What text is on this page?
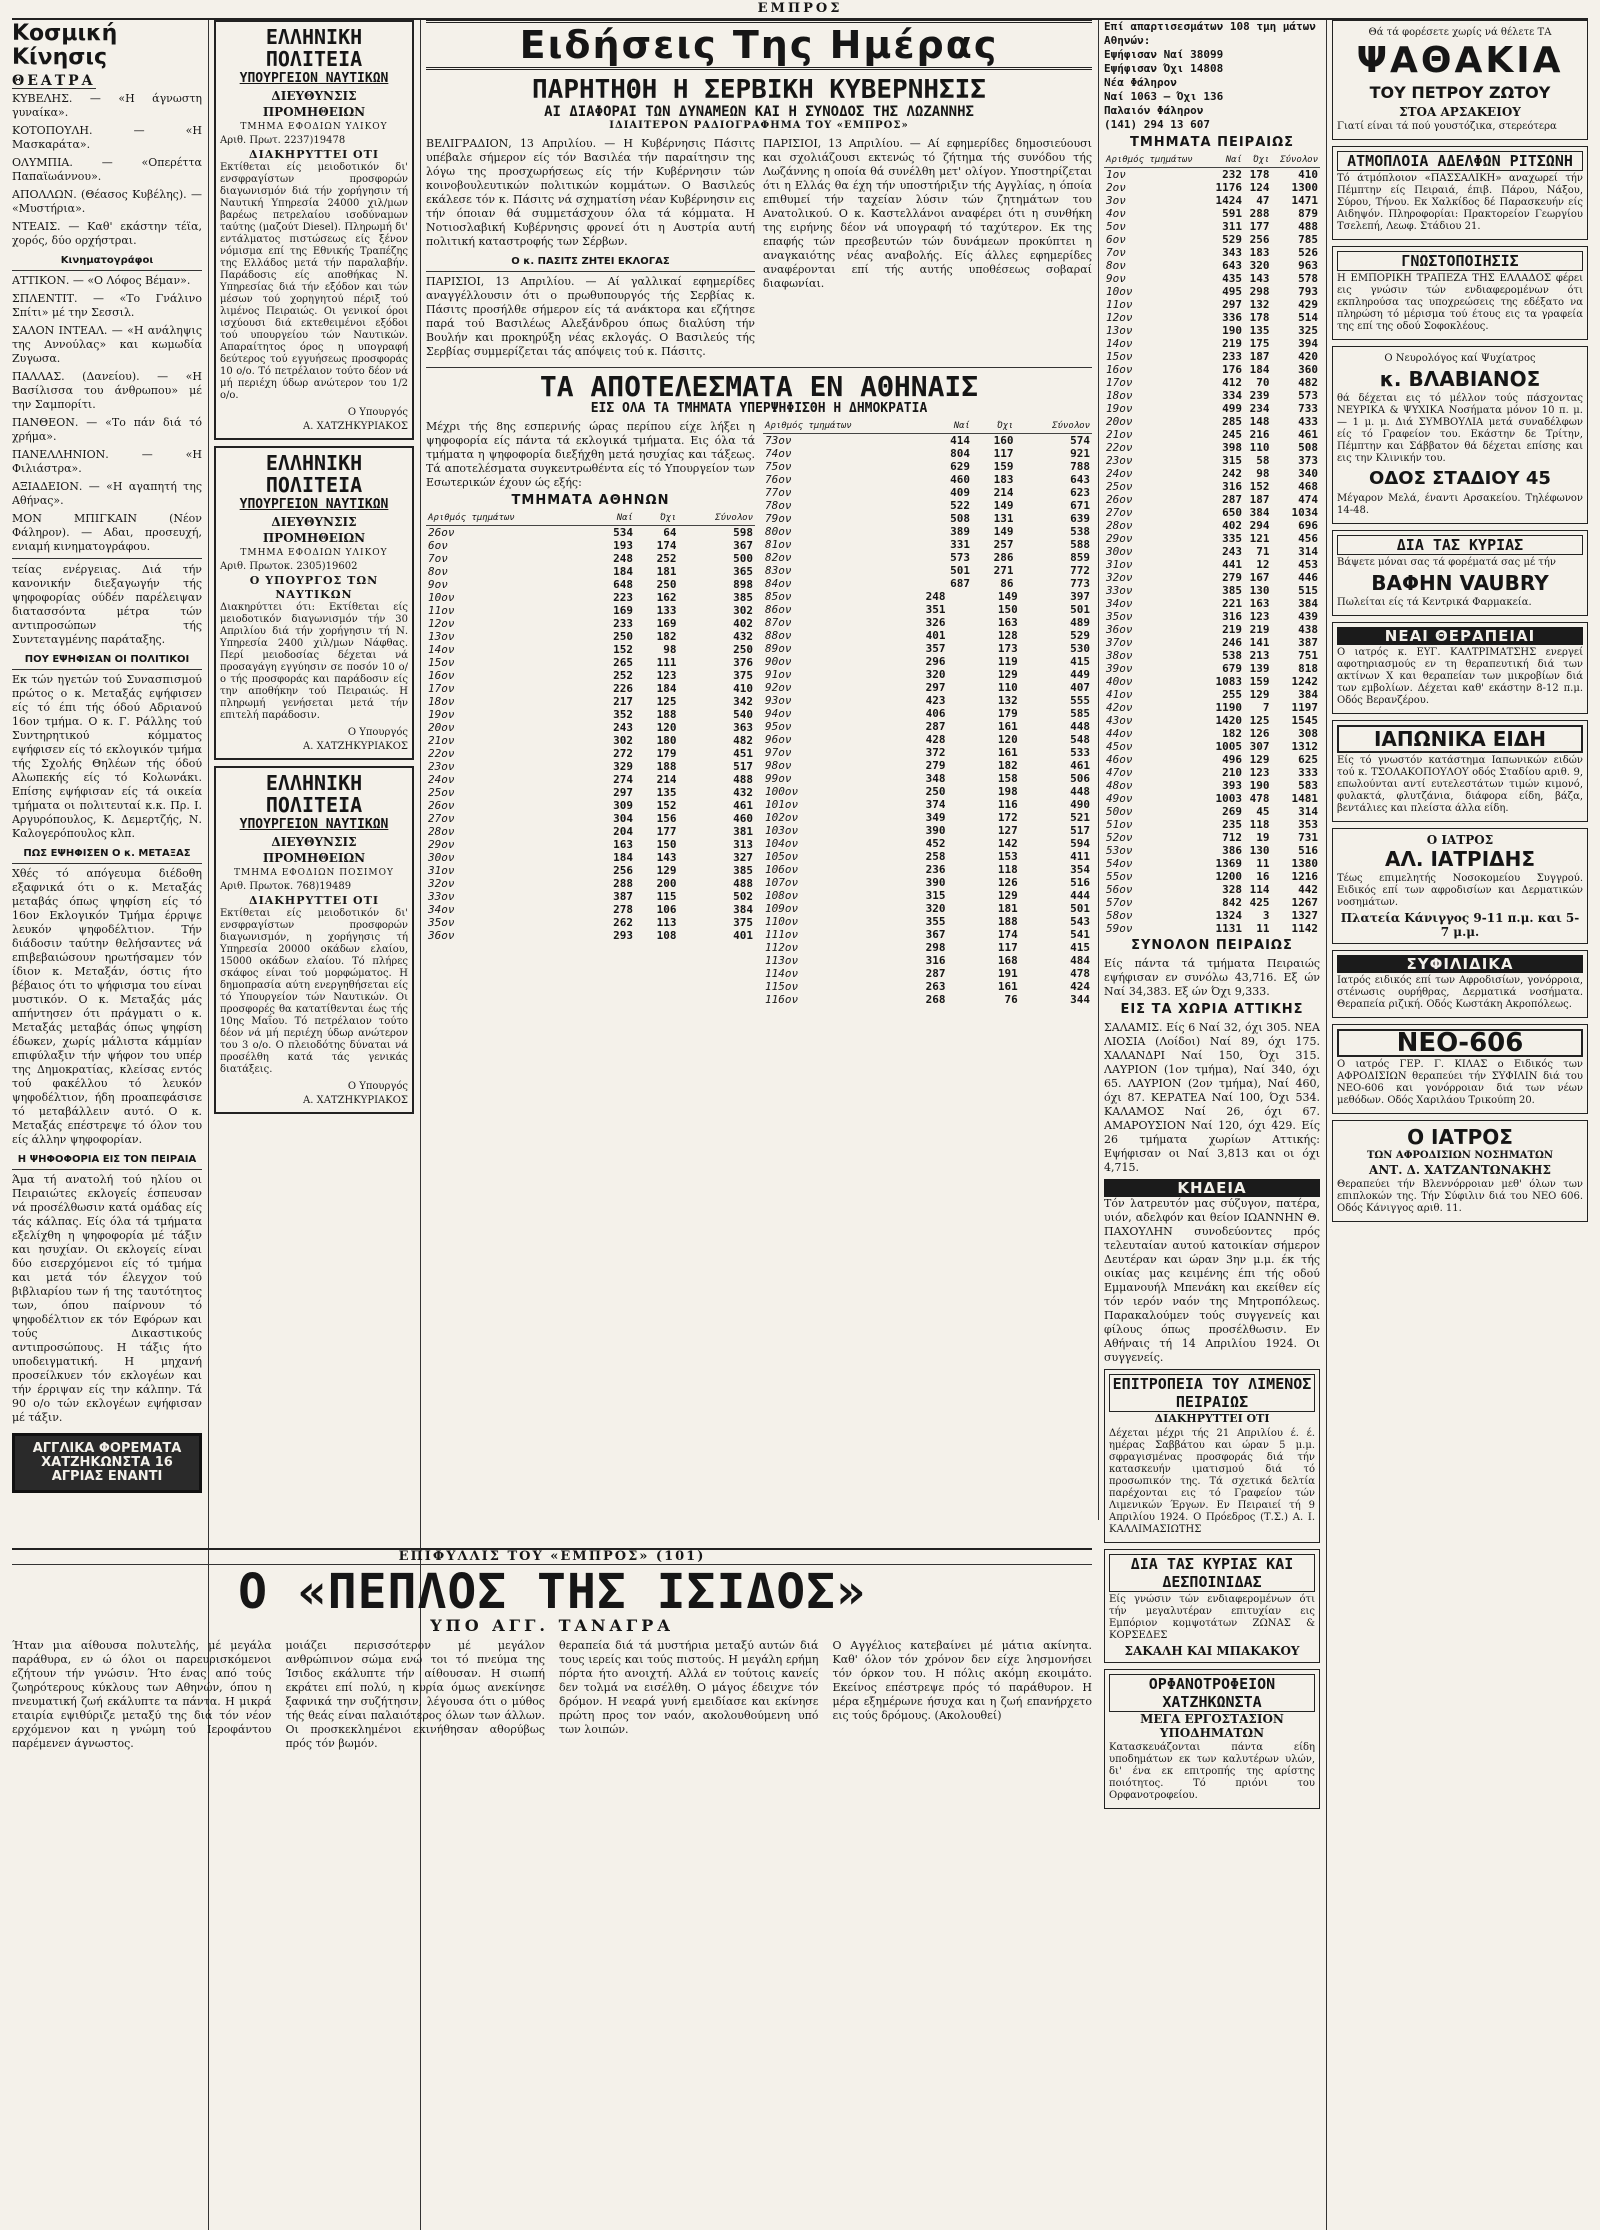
ΕΜΠΡΟΣ
Κοσμική Κίνησις
ΘΕΑΤΡΑ

ΚΥΒΕΛΗΣ. — «Η άγνωστη γυναίκα».

ΚΟΤΟΠΟΥΛΗ. — «Η Μασκαράτα».

ΟΛΥΜΠΙΑ. — «Οπερέττα Παπαϊωάννου».

ΑΠΟΛΛΩΝ. (Θέασος Κυβέλης). — «Μυστήρια».

ΝΤΕΑΙΣ. — Καθ' εκάστην τέϊα, χορός, δύο ορχήστραι.

Κινηματογράφοι

ΑΤΤΙΚΟΝ. — «Ο Λόφος Βέμαν».

ΣΠΛΕΝΤΙΤ. — «Το Γνάλινο Σπίτι» μέ την Σεσσιλ.

ΣΑΛΟΝ ΙΝΤΕΑΛ. — «Η ανάληψις της Αννούλας» και κωμωδία Ζυγωσα.

ΠΑΛΛΑΣ. (Δανείου). — «Η Βασίλισσα του άνθρωπου» μέ την Σαμπορίτι.

ΠΑΝΘΕΟΝ. — «Το πάν διά τό χρήμα».

ΠΑΝΕΛΛΗΝΙΟΝ. — «Η Φιλιάστρα».

ΑΞΙΑΔΕΙΟΝ. — «Η αγαπητή της Αθήνας».

ΜΟΝ ΜΠΙΓΚΑΙΝ (Νέον Φάληρον). — Αδαι, προσευχή, ενιαμή κινηματογράφου.

τείας ενέργειας. Διά τήν κανονικήν διεξαγωγήν τής ψηφοφορίας ούδέν παρέλειψαν διατασσόντα μέτρα τών αντιπροσώπων τής Συντεταγμένης παράταξης.

ΠΟΥ ΕΨΗΦΙΣΑΝ ΟΙ ΠΟΛΙΤΙΚΟΙ

Εκ τών ηγετών τού Συνασπισμού πρώτος ο κ. Μεταξάς εψήφισεν είς τό έπι τής όδού Αδριανού 16ον τμήμα. Ο κ. Γ. Ράλλης τού Συντηρητικού κόμματος εψήφισεν είς τό εκλογικόν τμήμα τής Σχολής Θηλέων τής όδού Αλωπεκής είς τό Κολωνάκι. Επίσης εψήφισαν είς τά οικεία τμήματα οι πολιτευταί κ.κ. Πρ. Ι. Αργυρόπουλος, Κ. Δεμερτζής, Ν. Καλογερόπουλος κλπ.

ΠΩΣ ΕΨΗΦΙΣΕΝ Ο κ. ΜΕΤΑΞΑΣ

Χθές τό απόγευμα διέδοθη εξαφνικά ότι ο κ. Μεταξάς μεταβάς όπως ψηφίση είς τό 16ον Εκλογικόν Τμήμα έρριψε λευκόν ψηφοδέλτιον. Τήν διάδοσιν ταύτην θελήσαντες νά επιβεβαιώσουν ηρωτήσαμεν τόν ίδιον κ. Μεταξάν, όστις ήτο βέβαιος ότι το ψήφισμα του είναι μυστικόν. Ο κ. Μεταξάς μάς απήντησεν ότι πράγματι ο κ. Μεταξάς μεταβάς όπως ψηφίση έδωκεν, χωρίς μάλιστα κάμμίαν επιφύλαξιν τήν ψήφον του υπέρ της Δημοκρατίας, κλείσας εντός τού φακέλλου τό λευκόν ψηφοδέλτιον, ήδη προαπεφάσισε τό μεταβάλλειν αυτό. Ο κ. Μεταξάς επέστρεψε τό όλον του είς άλλην ψηφοφορίαν.

Η ΨΗΦΟΦΟΡΙΑ ΕΙΣ ΤΟΝ ΠΕΙΡΑΙΑ

Άμα τή ανατολή τού ηλίου οι Πειραιώτες εκλογείς έσπευσαν νά προσέλθωσιν κατά ομάδας είς τάς κάλπας. Είς όλα τά τμήματα εξελίχθη η ψηφοφορία μέ τάξιν και ησυχίαν. Οι εκλογείς είναι δύο εισερχόμενοι είς τό τμήμα και μετά τόν έλεγχον τού βιβλιαρίου των ή της ταυτότητος των, όπου παίρνουν τό ψηφοδέλτιον εκ τόν Εφόρων και τούς Δικαστικούς αντιπροσώπους. Η τάξις ήτο υποδειγματική. Η μηχανή προσείλκυεν τόν εκλογέων και τήν έρριψαν είς την κάλπην. Τά 90 ο/ο τών εκλογέων εψήφισαν μέ τάξιν.

ΑΓΓΛΙΚΑ ΦΟΡΕΜΑΤΑ ΧΑΤΖΗΚΩΝΣΤΑ 16 ΑΓΡΙΑΣ ΕΝΑΝΤΙ
ΕΛΛΗΝΙΚΗ ΠΟΛΙΤΕΙΑ
ΥΠΟΥΡΓΕΙΟΝ ΝΑΥΤΙΚΩΝ
ΔΙΕΥΘΥΝΣΙΣ ΠΡΟΜΗΘΕΙΩΝ
ΤΜΗΜΑ ΕΦΟΔΙΩΝ ΥΛΙΚΟΥ
Αριθ. Πρωτ. 2237)19478
ΔΙΑΚΗΡΥΤΤΕΙ ΟΤΙ

Εκτίθεται είς μειοδοτικόν δι' ενσφραγίστων προσφορών διαγωνισμόν διά τήν χορήγησιν τή Ναυτική Υπηρεσία 24000 χιλ/μων βαρέως πετρελαίου ισοδύναμων ταύτης (μαζούτ Diesel). Πληρωμή δι' εντάλματος πιστώσεως είς ξένον νόμισμα επί της Εθνικής Τραπέζης της Ελλάδος μετά τήν παραλαβήν. Παράδοσις είς αποθήκας Ν. Υπηρεσίας διά τήν εξόδον και τών μέσων τού χορηγητού πέριξ τού λιμένος Πειραιώς. Οι γενικοί όροι ισχύουσι διά εκτεθειμένοι εξόδοι τού υπουργείου τών Ναυτικών. Απαραίτητος όρος η υπογραφή δεύτερος τού εγγυήσεως προσφοράς 10 ο/ο. Τό πετρέλαιον τούτο δέον νά μή περιέχη ύδωρ ανώτερον του 1/2 ο/ο.

Ο Υπουργός
Α. ΧΑΤΖΗΚΥΡΙΑΚΟΣ
ΕΛΛΗΝΙΚΗ ΠΟΛΙΤΕΙΑ
ΥΠΟΥΡΓΕΙΟΝ ΝΑΥΤΙΚΩΝ
ΔΙΕΥΘΥΝΣΙΣ ΠΡΟΜΗΘΕΙΩΝ
ΤΜΗΜΑ ΕΦΟΔΙΩΝ ΥΛΙΚΟΥ
Αριθ. Πρωτοκ. 2305)19602
Ο ΥΠΟΥΡΓΟΣ ΤΩΝ ΝΑΥΤΙΚΩΝ

Διακηρύττει ότι: Εκτίθεται είς μειοδοτικόν διαγωνισμόν τήν 30 Απριλίου διά τήν χορήγησιν τή Ν. Υπηρεσία 2400 χιλ/μων Νάφθας. Περί μειοδοσίας δέχεται νά προσαγάγη εγγύησιν σε ποσόν 10 ο/ο τής προσφοράς και παράδοσιν είς την αποθήκην τού Πειραιώς. Η πληρωμή γενήσεται μετά τήν επιτελή παράδοσιν.

Ο Υπουργός
Α. ΧΑΤΖΗΚΥΡΙΑΚΟΣ
ΕΛΛΗΝΙΚΗ ΠΟΛΙΤΕΙΑ
ΥΠΟΥΡΓΕΙΟΝ ΝΑΥΤΙΚΩΝ
ΔΙΕΥΘΥΝΣΙΣ ΠΡΟΜΗΘΕΙΩΝ
ΤΜΗΜΑ ΕΦΟΔΙΩΝ ΠΟΣΙΜΟΥ
Αριθ. Πρωτοκ. 768)19489
ΔΙΑΚΗΡΥΤΤΕΙ ΟΤΙ

Εκτίθεται είς μειοδοτικόν δι' ενσφραγίστων προσφορών διαγωνισμόν, η χορήγησις τή Υπηρεσία 20000 οκάδων ελαίου, 15000 οκάδων ελαίου. Τό πλήρες σκάφος είναι τού μορφώματος. Η δημοπρασία αύτη ενεργηθήσεται είς τό Υπουργείον τών Ναυτικών. Οι προσφορές θα κατατίθενται έως τής 10ης Μαΐου. Τό πετρέλαιον τούτο δέον νά μή περιέχη ύδωρ ανώτερον του 3 ο/ο. Ο πλειοδότης δύναται νά προσέλθη κατά τάς γενικάς διατάξεις.

Ο Υπουργός
Α. ΧΑΤΖΗΚΥΡΙΑΚΟΣ
Ειδήσεις Της Ημέρας
ΠΑΡΗΤΗΘΗ Η ΣΕΡΒΙΚΗ ΚΥΒΕΡΝΗΣΙΣ
ΑΙ ΔΙΑΦΟΡΑΙ ΤΩΝ ΔΥΝΑΜΕΩΝ ΚΑΙ Η ΣΥΝΟΔΟΣ ΤΗΣ ΛΩΖΑΝΝΗΣ
ΙΔΙΑΙΤΕΡΟΝ ΡΑΔΙΟΓΡΑΦΗΜΑ ΤΟΥ «ΕΜΠΡΟΣ»

ΒΕΛΙΓΡΑΔΙΟΝ, 13 Απριλίου. — Η Κυβέρνησις Πάσιτς υπέβαλε σήμερον είς τόν Βασιλέα τήν παραίτησιν της λόγω της προσχωρήσεως είς τήν Κυβέρνησιν τών κοινοβουλευτικών πολιτικών κομμάτων. Ο Βασιλεύς εκάλεσε τόν κ. Πάσιτς νά σχηματίση νέαν Κυβέρνησιν εις τήν όποιαν θά συμμετάσχουν όλα τά κόμματα. Η Νοτιοσλαβική Κυβέρνησις φρονεί ότι η Αυστρία αυτή πολιτική καταστροφής των Σέρβων.

Ο κ. ΠΑΣΙΤΣ ΖΗΤΕΙ ΕΚΛΟΓΑΣ

ΠΑΡΙΣΙΟΙ, 13 Απριλίου. — Αί γαλλικαί εφημερίδες αναγγέλλουσιν ότι ο πρωθυπουργός τής Σερβίας κ. Πάσιτς προσήλθε σήμερον είς τά ανάκτορα και εζήτησε παρά τού Βασιλέως Αλεξάνδρου όπως διαλύση τήν Βουλήν και προκηρύξη νέας εκλογάς. Ο Βασιλεύς τής Σερβίας συμμερίζεται τάς απόψεις τού κ. Πάσιτς.

ΠΑΡΙΣΙΟΙ, 13 Απριλίου. — Αί εφημερίδες δημοσιεύουσι και σχολιάζουσι εκτενώς τό ζήτημα τής συνόδου τής Λωζάννης η οποία θά συνέλθη μετ' ολίγον. Υποστηρίζεται ότι η Ελλάς θα έχη τήν υποστήριξιν τής Αγγλίας, η όποία επιθυμεί τήν ταχείαν λύσιν τών ζητημάτων του Ανατολικού. Ο κ. Καστελλάνοι αναφέρει ότι η συνθήκη της ειρήνης δέον νά υπογραφή τό ταχύτερον. Εκ της επαφής τών πρεσβευτών τών δυνάμεων προκύπτει η αναγκαιότης νέας αναβολής. Είς άλλες εφημερίδες αναφέρονται επί τής αυτής υποθέσεως σοβαραί διαφωνίαι.

ΤΑ ΑΠΟΤΕΛΕΣΜΑΤΑ ΕΝ ΑΘΗΝΑΙΣ
ΕΙΣ ΟΛΑ ΤΑ ΤΜΗΜΑΤΑ ΥΠΕΡΨΗΦΙΣΘΗ Η ΔΗΜΟΚΡΑΤΙΑ

Μέχρι τής 8ης εσπερινής ώρας περίπου είχε λήξει η ψηφοφορία είς πάντα τά εκλογικά τμήματα. Εις όλα τά τμήματα η ψηφοφορία διεξήχθη μετά ησυχίας και τάξεως. Τά αποτελέσματα συγκεντρωθέντα είς τό Υπουργείον των Εσωτερικών έχουν ώς εξής:

ΤΜΗΜΑΤΑ ΑΘΗΝΩΝ
Αριθμός τμημάτων	Ναί	Όχι	Σύνολον
26ον	534	64	598
6ον	193	174	367
7ον	248	252	500
8ον	184	181	365
9ον	648	250	898
10ον	223	162	385
11ον	169	133	302
12ον	233	169	402
13ον	250	182	432
14ον	152	98	250
15ον	265	111	376
16ον	252	123	375
17ον	226	184	410
18ον	217	125	342
19ον	352	188	540
20ον	243	120	363
21ον	302	180	482
22ον	272	179	451
23ον	329	188	517
24ον	274	214	488
25ον	297	135	432
26ον	309	152	461
27ον	304	156	460
28ον	204	177	381
29ον	163	150	313
30ον	184	143	327
31ον	256	129	385
32ον	288	200	488
33ον	387	115	502
34ον	278	106	384
35ον	262	113	375
36ον	293	108	401
Αριθμός τμημάτων	Ναί	Όχι	Σύνολον
73ον	414	160	574
74ον	804	117	921
75ον	629	159	788
76ον	460	183	643
77ον	409	214	623
78ον	522	149	671
79ον	508	131	639
80ον	389	149	538
81ον	331	257	588
82ον	573	286	859
83ον	501	271	772
84ον	687	86	773
85ον	248	149	397
86ον	351	150	501
87ον	326	163	489
88ον	401	128	529
89ον	357	173	530
90ον	296	119	415
91ον	320	129	449
92ον	297	110	407
93ον	423	132	555
94ον	406	179	585
95ον	287	161	448
96ον	428	120	548
97ον	372	161	533
98ον	279	182	461
99ον	348	158	506
100ον	250	198	448
101ον	374	116	490
102ον	349	172	521
103ον	390	127	517
104ον	452	142	594
105ον	258	153	411
106ον	236	118	354
107ον	390	126	516
108ον	315	129	444
109ον	320	181	501
110ον	355	188	543
111ον	367	174	541
112ον	298	117	415
113ον	316	168	484
114ον	287	191	478
115ον	263	161	424
116ον	268	76	344
ΕΠΙΦΥΛΛΙΣ ΤΟΥ «ΕΜΠΡΟΣ» (101)
Ο «ΠΕΠΛΟΣ ΤΗΣ ΙΣΙΔΟΣ»
ΥΠΟ ΑΓΓ. ΤΑΝΑΓΡΑ
Ήταν μια αίθουσα πολυτελής, μέ μεγάλα παράθυρα, εν ώ όλοι οι παρευρισκόμενοι εζήτουν τήν γνώσιν. Ήτο ένας από τούς ζωηρότερους κύκλους των Αθηνών, όπου η πνευματική ζωή εκάλυπτε τα πάντα. Η μικρά εταιρία εψιθύριζε μεταξύ της διά τόν νέον ερχόμενον και η γνώμη τού Ιεροφάντου παρέμενεν άγνωστος.
μοιάζει περισσότερον μέ μεγάλον ανθρώπινον σώμα ενώ τοι τό πνεύμα της Ίσιδος εκάλυπτε τήν αίθουσαν. Η σιωπή εκράτει επί πολύ, η κυρία όμως ανεκίνησε ξαφνικά την συζήτησιν, λέγουσα ότι ο μύθος τής θεάς είναι παλαιότερος όλων των άλλων. Οι προσκεκλημένοι εκινήθησαν αθορύβως πρός τόν βωμόν.
θεραπεία διά τά μυστήρια μεταξύ αυτών διά τους ιερείς και τούς πιστούς. Η μεγάλη ερήμη πόρτα ήτο ανοιχτή. Αλλά εν τούτοις κανείς δεν τολμά να εισέλθη. Ο μάγος έδειχνε τόν δρόμον. Η νεαρά γυνή εμειδίασε και εκίνησε πρώτη προς τον ναόν, ακολουθούμενη υπό των λοιπών.
Ο Αγγέλιος κατεβαίνει μέ μάτια ακίνητα. Καθ' όλον τόν χρόνον δεν είχε λησμονήσει τόν όρκον του. Η πόλις ακόμη εκοιμάτο. Εκείνος επέστρεψε πρός τό παράθυρον. Η μέρα εξημέρωνε ήσυχα και η ζωή επανήρχετο εις τούς δρόμους. (Ακολουθεί)
Επί απαρτισεσμάτων 108 τμη μάτων Αθηνών:
Εψήφισαν Ναί 38099
Εψήφισαν Όχι 14808
Νέα Φάληρον
Ναί 1063 — Όχι 136
Παλαιόν Φάληρον
(141) 294 13 607
ΤΜΗΜΑΤΑ ΠΕΙΡΑΙΩΣ
Αριθμός τμημάτων	Ναί	Όχι	Σύνολον
1ον	232	178	410
2ον	1176	124	1300
3ον	1424	47	1471
4ον	591	288	879
5ον	311	177	488
6ον	529	256	785
7ον	343	183	526
8ον	643	320	963
9ον	435	143	578
10ον	495	298	793
11ον	297	132	429
12ον	336	178	514
13ον	190	135	325
14ον	219	175	394
15ον	233	187	420
16ον	176	184	360
17ον	412	70	482
18ον	334	239	573
19ον	499	234	733
20ον	285	148	433
21ον	245	216	461
22ον	398	110	508
23ον	315	58	373
24ον	242	98	340
25ον	316	152	468
26ον	287	187	474
27ον	650	384	1034
28ον	402	294	696
29ον	335	121	456
30ον	243	71	314
31ον	441	12	453
32ον	279	167	446
33ον	385	130	515
34ον	221	163	384
35ον	316	123	439
36ον	219	219	438
37ον	246	141	387
38ον	538	213	751
39ον	679	139	818
40ον	1083	159	1242
41ον	255	129	384
42ον	1190	7	1197
43ον	1420	125	1545
44ον	182	126	308
45ον	1005	307	1312
46ον	496	129	625
47ον	210	123	333
48ον	393	190	583
49ον	1003	478	1481
50ον	269	45	314
51ον	235	118	353
52ον	712	19	731
53ον	386	130	516
54ον	1369	11	1380
55ον	1200	16	1216
56ον	328	114	442
57ον	842	425	1267
58ον	1324	3	1327
59ον	1131	11	1142
ΣΥΝΟΛΟΝ ΠΕΙΡΑΙΩΣ

Είς πάντα τά τμήματα Πειραιώς εψήφισαν εν συνόλω 43,716. Εξ ών Ναί 34,383. Εξ ών Όχι 9,333.

ΕΙΣ ΤΑ ΧΩΡΙΑ ΑΤΤΙΚΗΣ

ΣΑΛΑΜΙΣ. Είς 6 Ναί 32, όχι 305. ΝΕΑ ΛΙΟΣΙΑ (Λοίδοι) Ναί 89, όχι 175. ΧΑΛΑΝΔΡΙ Ναί 150, Όχι 315. ΛΑΥΡΙΟΝ (1ον τμήμα), Ναί 340, όχι 65. ΛΑΥΡΙΟΝ (2ον τμήμα), Ναί 460, όχι 87. ΚΕΡΑΤΕΑ Ναί 100, Όχι 534. ΚΑΛΑΜΟΣ Ναί 26, όχι 67. ΑΜΑΡΟΥΣΙΟΝ Ναί 120, όχι 429. Είς 26 τμήματα χωρίων Αττικής: Εψήφισαν οι Ναί 3,813 και οι όχι 4,715.

ΚΗΔΕΙΑ

Τόν λατρευτόν μας σύζυγον, πατέρα, υιόν, αδελφόν και θείον ΙΩΑΝΝΗΝ Θ. ΠΑΧΟΥΛΗΝ συνοδεύοντες πρός τελευταίαν αυτού κατοικίαν σήμερον Δευτέραν και ώραν 3ην μ.μ. έκ τής οικίας μας κειμένης έπι τής οδού Εμμανουήλ Μπενάκη και εκείθεν είς τόν ιερόν ναόν της Μητροπόλεως. Παρακαλούμεν τούς συγγενείς και φίλους όπως προσέλθωσιν. Εν Αθήναις τή 14 Απριλίου 1924. Οι συγγενείς.

ΕΠΙΤΡΟΠΕΙΑ ΤΟΥ ΛΙΜΕΝΟΣ ΠΕΙΡΑΙΩΣ
ΔΙΑΚΗΡΥΤΤΕΙ ΟΤΙ

Δέχεται μέχρι τής 21 Απριλίου έ. έ. ημέρας Σαββάτου και ώραν 5 μ.μ. σφραγισμένας προσφοράς διά τήν κατασκευήν ιματισμού διά τό προσωπικόν της. Τά σχετικά δελτία παρέχονται εις τό Γραφείον τών Λιμενικών Έργων. Εν Πειραιεί τή 9 Απριλίου 1924. Ο Πρόεδρος (Τ.Σ.) Α. Ι. ΚΑΛΛΙΜΑΣΙΩΤΗΣ

ΔΙΑ ΤΑΣ ΚΥΡΙΑΣ ΚΑΙ ΔΕΣΠΟΙΝΙΔΑΣ

Είς γνώσιν τών ενδιαφερομένων ότι τήν μεγαλυτέραν επιτυχίαν εις Εμπόριον κομψοτάτων ΖΩΝΑΣ & ΚΟΡΣΕΔΕΣ

ΣΑΚΑΛΗ ΚΑΙ ΜΠΑΚΑΚΟΥ
ΟΡΦΑΝΟΤΡΟΦΕΙΟΝ ΧΑΤΖΗΚΩΝΣΤΑ
ΜΕΓΑ ΕΡΓΟΣΤΑΣΙΟΝ ΥΠΟΔΗΜΑΤΩΝ

Κατασκευάζονται πάντα είδη υποδημάτων εκ των καλυτέρων υλών, δι' ένα εκ επιτροπής της αρίστης ποιότητος. Τό πριόνι του Ορφανοτροφείου.

Θά τά φορέσετε χωρίς νά θέλετε ΤΑ

ΨΑΘΑΚΙΑ
ΤΟΥ ΠΕΤΡΟΥ ΖΩΤΟΥ
ΣΤΟΑ ΑΡΣΑΚΕΙΟΥ

Γιατί είναι τά πού γουστόζικα, στερεότερα

ΑΤΜΟΠΛΟΙΑ ΑΔΕΛΦΩΝ ΡΙΤΣΩΝΗ

Τό άτμόπλοιον «ΠΑΣΣΑΛΙΚΗ» αναχωρεί τήν Πέμπτην είς Πειραιά, έπιβ. Πάρου, Νάξου, Σύρου, Τήνου. Εκ Χαλκίδος δέ Παρασκευήν είς Αιδηψόν. Πληροφορίαι: Πρακτορείον Γεωργίου Τσελεπή, Λεωφ. Στάδιου 21.

ΓΝΩΣΤΟΠΟΙΗΣΙΣ

Η ΕΜΠΟΡΙΚΗ ΤΡΑΠΕΖΑ ΤΗΣ ΕΛΛΑΔΟΣ φέρει εις γνώσιν τών ενδιαφερομένων ότι εκπληρούσα τας υποχρεώσεις της εδέξατο να πληρώση τό μέρισμα τού έτους εις τα γραφεία της επί της οδού Σοφοκλέους.

Ο Νευρολόγος καί Ψυχίατρος

κ. ΒΛΑΒΙΑΝΟΣ

θά δέχεται εις τό μέλλον τούς πάσχοντας ΝΕΥΡΙΚΑ & ΨΥΧΙΚΑ Νοσήματα μόνον 10 π. μ. — 1 μ. μ. Διά ΣΥΜΒΟΥΛΙΑ μετά συναδέλφων είς τό Γραφείον του. Εκάστην δε Τρίτην, Πέμπτην και Σάββατον θά δέχεται επίσης και εις την Κλινικήν του.

ΟΔΟΣ ΣΤΑΔΙΟΥ 45

Μέγαρον Μελά, έναντι Αρσακείου. Τηλέφωνον 14-48.

ΔΙΑ ΤΑΣ ΚΥΡΙΑΣ

Βάψετε μόναι σας τά φορέματά σας μέ τήν

ΒΑΦΗΝ VAUBRY

Πωλείται είς τά Κεντρικά Φαρμακεία.

ΝΕΑΙ ΘΕΡΑΠΕΙΑΙ

Ο ιατρός κ. ΕΥΓ. ΚΑΛΤΡΙΜΑΤΣΗΣ ενεργεί αφοτηριασμούς εν τη θεραπευτική διά των ακτίνων X και θεραπείαν των μικροβίων διά των εμβολίων. Δέχεται καθ' εκάστην 8-12 π.μ. Οδός Βερανζέρου.

ΙΑΠΩΝΙΚΑ ΕΙΔΗ

Είς τό γνωστόν κατάστημα Ιαπωνικών ειδών τού κ. ΤΣΟΛΑΚΟΠΟΥΛΟΥ οδός Σταδίου αριθ. 9, επωλούνται αντί ευτελεστάτων τιμών κιμονό, φυλακτά, φλυτζάνια, διάφορα είδη, βάζα, βεντάλιες και πλείστα άλλα είδη.

Ο ΙΑΤΡΟΣ
ΑΛ. ΙΑΤΡΙΔΗΣ

Τέως επιμελητής Νοσοκομείου Συγγρού. Ειδικός επί των αφροδισίων και Δερματικών νοσημάτων.

Πλατεία Κάνιγγος 9-11 π.μ. και 5-7 μ.μ.
ΣΥΦΙΛΙΔΙΚΑ

Ιατρός ειδικός επί των Αφροδισίων, γονόρροια, στένωσις ουρήθρας, Δερματικά νοσήματα. Θεραπεία ριζική. Οδός Κωστάκη Ακροπόλεως.

ΝΕΟ-606

Ο ιατρός ΓΕΡ. Γ. ΚΙΛΑΣ ο Ειδικός των ΑΦΡΟΔΙΣΙΩΝ θεραπεύει τήν ΣΥΦΙΛΙΝ διά του ΝΕΟ-606 και γονόρροιαν διά των νέων μεθόδων. Οδός Χαριλάου Τρικούπη 20.

Ο ΙΑΤΡΟΣ
ΤΩΝ ΑΦΡΟΔΙΣΙΩΝ ΝΟΣΗΜΑΤΩΝ
ΑΝΤ. Δ. ΧΑΤΖΑΝΤΩΝΑΚΗΣ

Θεραπεύει τήν Βλεννόρροιαν μεθ' όλων των επιπλοκών της. Τήν Σύφιλιν διά του ΝΕΟ 606. Οδός Κάνιγγος αριθ. 11.
